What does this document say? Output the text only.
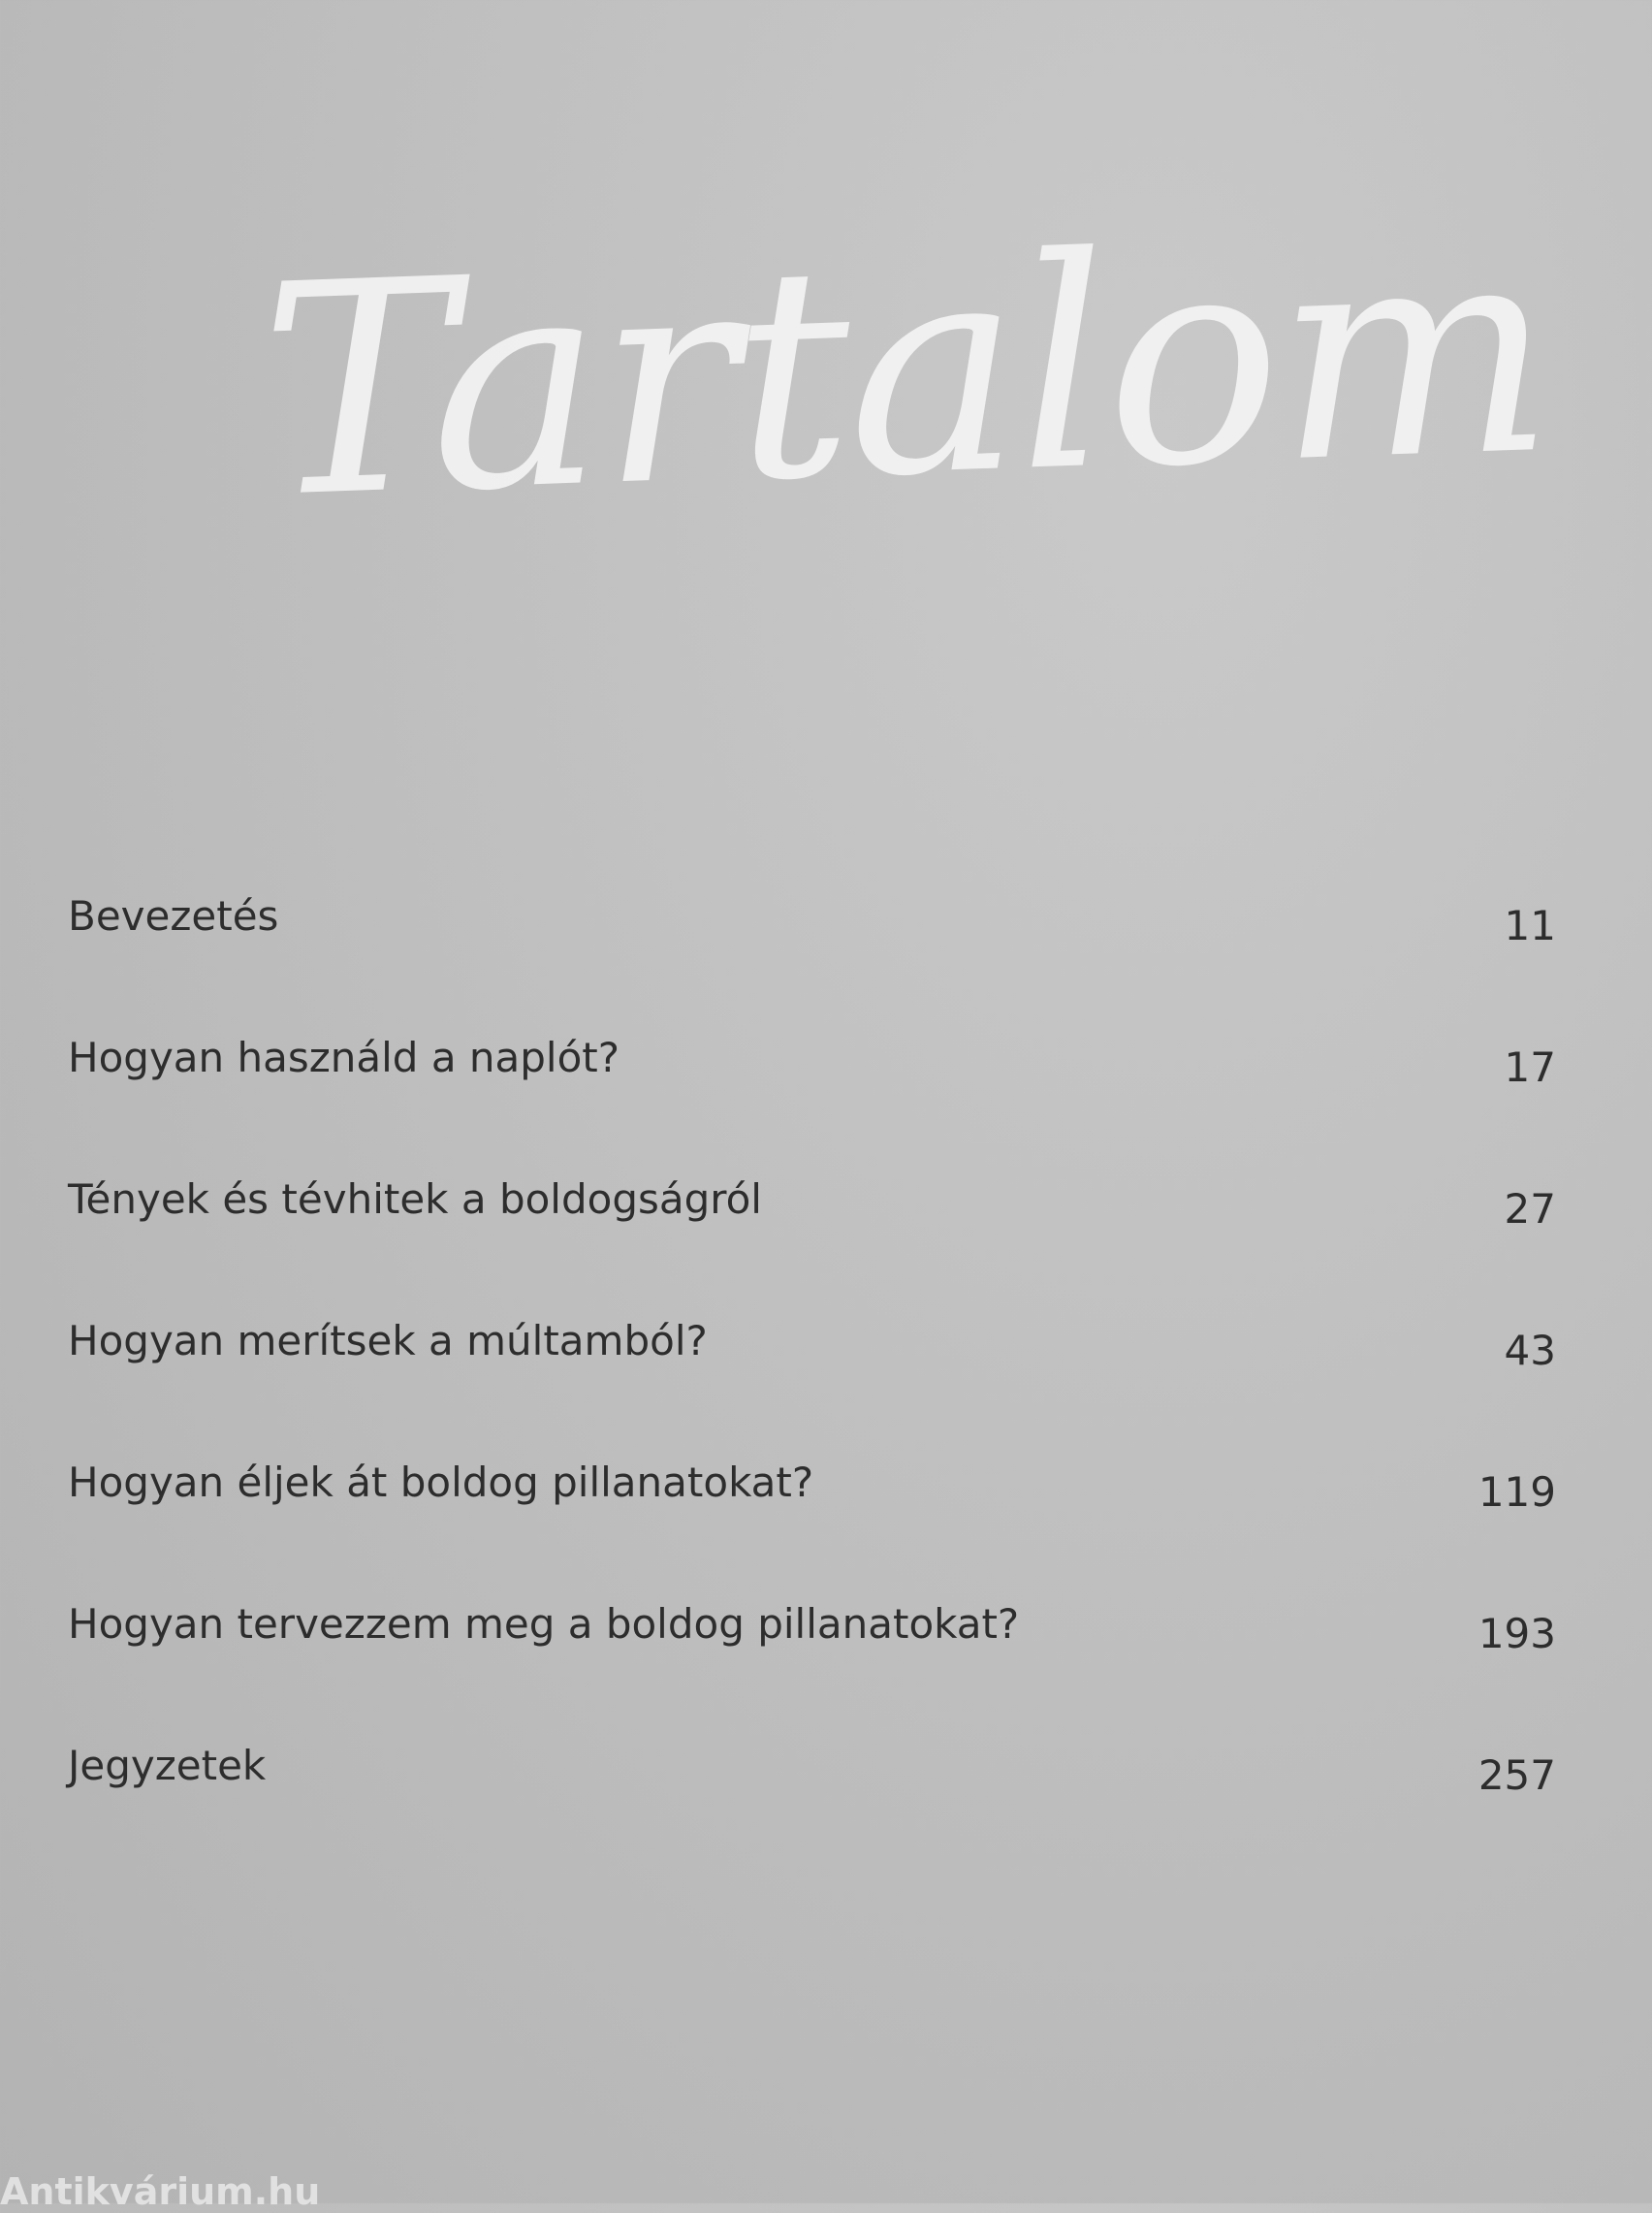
Tartalom
Bevezetés	11
Hogyan használd a naplót?	17
Tények és tévhitek a boldogságról	27
Hogyan merítsek a múltamból?	43
Hogyan éljek át boldog pillanatokat?	119
Hogyan tervezzem meg a boldog pillanatokat?	193
Jegyzetek	257
Antikvárium.hu
